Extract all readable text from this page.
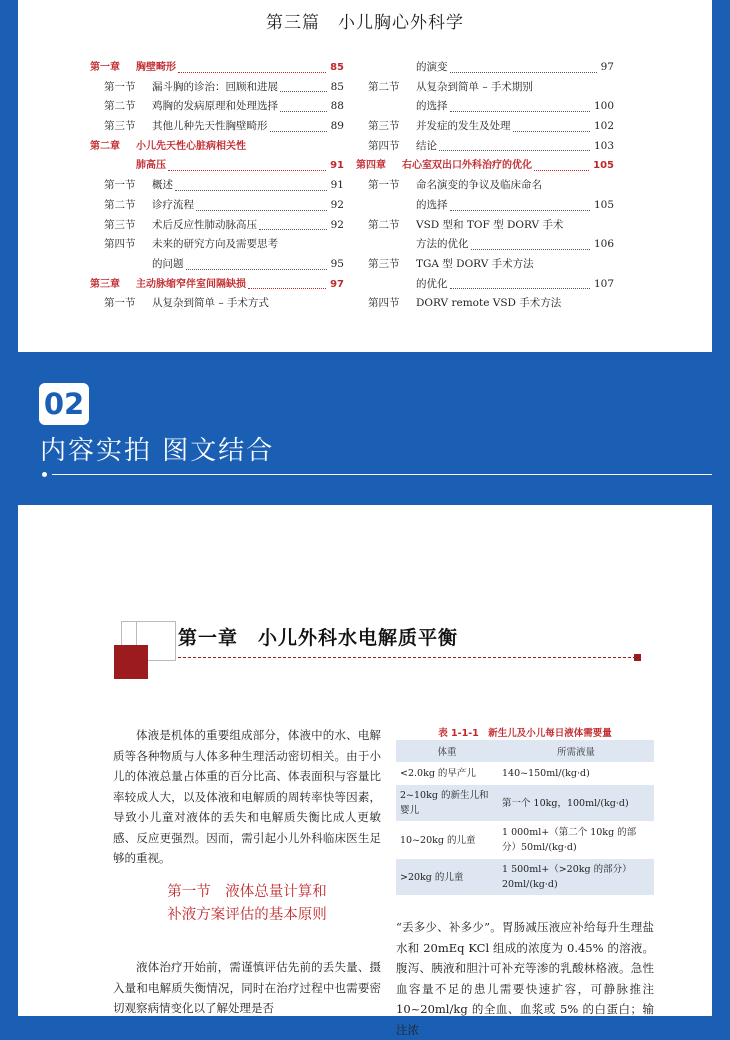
第三篇　小儿胸心外科学
第一章 胸壁畸形	85
第一节 漏斗胸的诊治：回顾和进展	85
第二节 鸡胸的发病原理和处理选择	88
第三节 其他儿种先天性胸壁畸形	89
第二章 小儿先天性心脏病相关性
肺高压	91
第一节 概述	91
第二节 诊疗流程	92
第三节 术后反应性肺动脉高压	92
第四节 未来的研究方向及需要思考
的问题	95
第三章 主动脉缩窄伴室间隔缺损	97
第一节 从复杂到简单 – 手术方式
的演变	97
第二节 从复杂到简单 – 手术期别
的选择	100
第三节 并发症的发生及处理	102
第四节 结论	103
第四章 右心室双出口外科治疗的优化	105
第一节 命名演变的争议及临床命名
的选择	105
第二节 VSD 型和 TOF 型 DORV 手术
方法的优化	106
第三节 TGA 型 DORV 手术方法
的优化	107
第四节 DORV remote VSD 手术方法
02
内容实拍 图文结合
第一章　小儿外科水电解质平衡
体液是机体的重要组成部分，体液中的水、电解质等各种物质与人体多种生理活动密切相关。由于小儿的体液总量占体重的百分比高、体表面积与容量比率较成人大，以及体液和电解质的周转率快等因素，导致小儿童对液体的丢失和电解质失衡比成人更敏感、反应更强烈。因而，需引起小儿外科临床医生足够的重视。
第一节　液体总量计算和
补液方案评估的基本原则
液体治疗开始前，需谨慎评估先前的丢失量、摄入量和电解质失衡情况，同时在治疗过程中也需要密切观察病情变化以了解处理是否
表 1-1-1　新生儿及小儿每日液体需要量
体重	所需液量
<2.0kg 的早产儿	140~150ml/(kg·d)
2~10kg 的新生儿和婴儿	第一个 10kg，100ml/(kg·d)
10~20kg 的儿童	1 000ml+（第二个 10kg 的部分）50ml/(kg·d)
>20kg 的儿童	1 500ml+（>20kg 的部分）20ml/(kg·d)
“丢多少、补多少”。胃肠减压液应补给每升生理盐水和 20mEq KCl 组成的浓度为 0.45% 的溶液。腹泻、胰液和胆汁可补充等渗的乳酸林格液。急性血容量不足的患儿需要快速扩容，可静脉推注 10~20ml/kg 的全血、血浆或 5% 的白蛋白；输注浓
